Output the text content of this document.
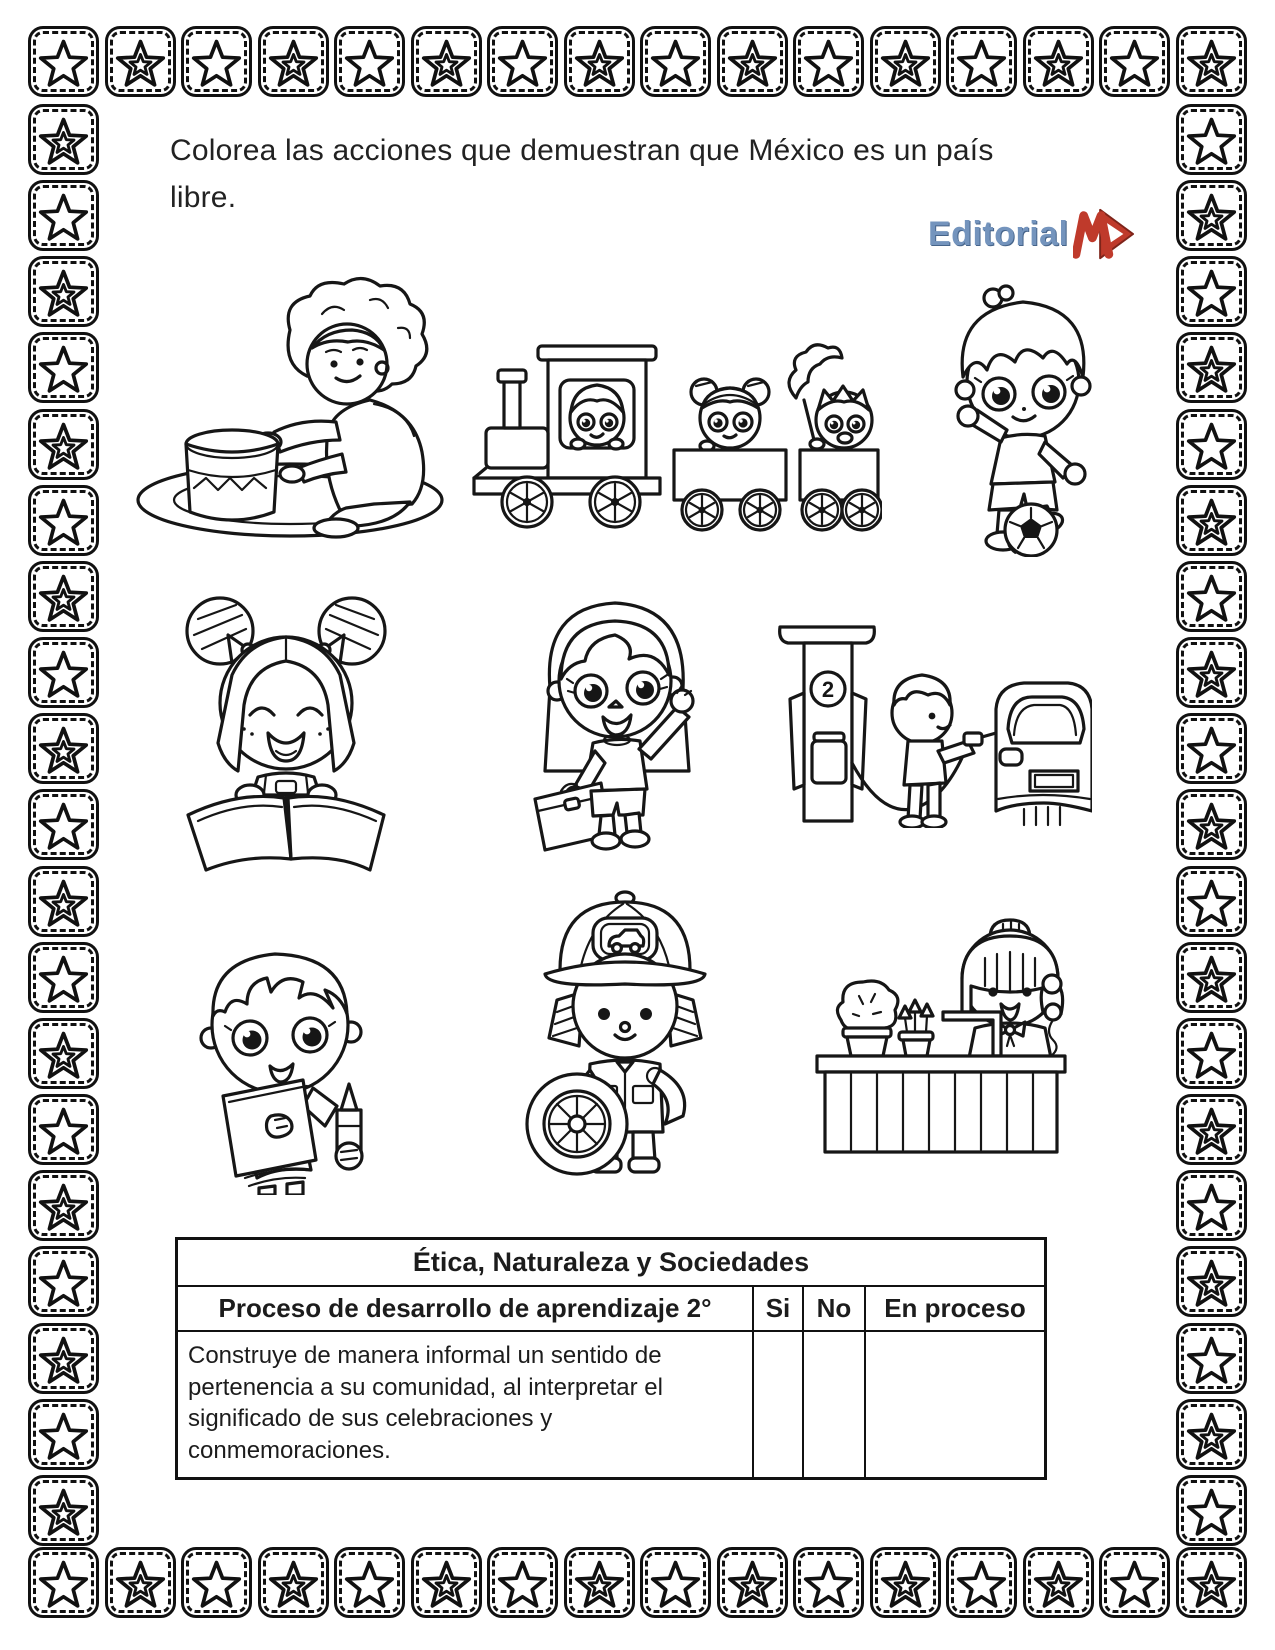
Colorea las acciones que demuestran que México es un país libre.
Editorial
2
Ética, Naturaleza y Sociedades
Proceso de desarrollo de aprendizaje 2°	Si	No	En proceso
Construye de manera informal un sentido de pertenencia a su comunidad, al interpretar el significado de sus celebraciones y conmemoraciones.
